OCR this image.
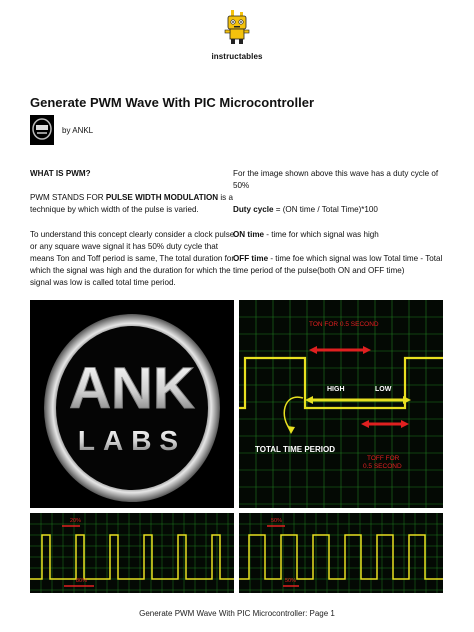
instructables
Generate PWM Wave With PIC Microcontroller
by ANKL

WHAT IS PWM?

PWM STANDS FOR PULSE WIDTH MODULATION is a technique by which width of the pulse is varied.

To understand this concept clearly consider a clock pulse or any square wave signal it has 50% duty cycle that means Ton and Toff period is same, The total duration for which the signal was high and the duration for which the signal was low is called total time period.

For the image shown above this wave has a duty cycle of 50%

Duty cycle = (ON time / Total Time)*100

ON time - time for which signal was high

OFF time - time foe which signal was low Total time - Total time period of the pulse(both ON and OFF time)

ANK
LABS
TON FOR 0.5 SECOND
HIGH	LOW
TOTAL TIME PERIOD
TOFF FOR
0.5 SECOND
20%
80%
50%
50%
Generate PWM Wave With PIC Microcontroller: Page 1
